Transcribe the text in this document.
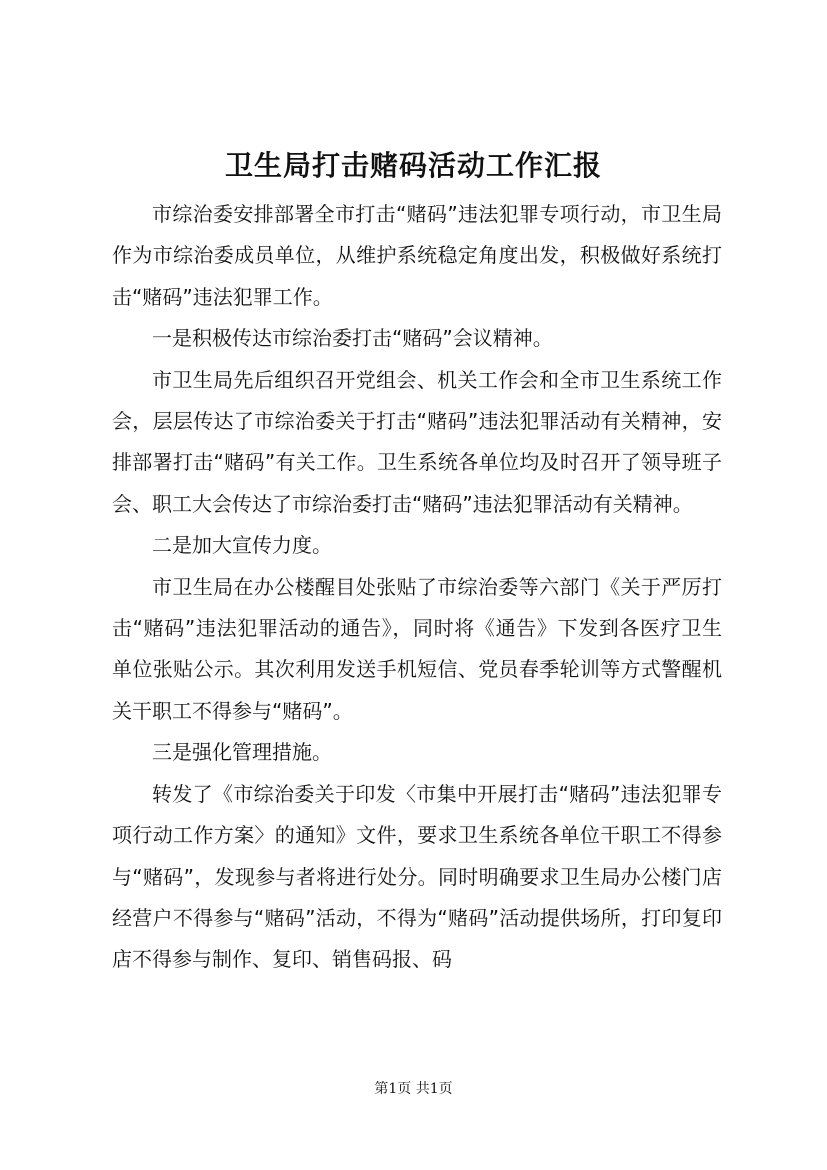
卫生局打击赌码活动工作汇报

市综治委安排部署全市打击“赌码”违法犯罪专项行动，市卫生局作为市综治委成员单位，从维护系统稳定角度出发，积极做好系统打击“赌码”违法犯罪工作。

一是积极传达市综治委打击“赌码”会议精神。

市卫生局先后组织召开党组会、机关工作会和全市卫生系统工作会，层层传达了市综治委关于打击“赌码”违法犯罪活动有关精神，安排部署打击“赌码”有关工作。卫生系统各单位均及时召开了领导班子会、职工大会传达了市综治委打击“赌码”违法犯罪活动有关精神。

二是加大宣传力度。

市卫生局在办公楼醒目处张贴了市综治委等六部门《关于严厉打击“赌码”违法犯罪活动的通告》，同时将《通告》下发到各医疗卫生单位张贴公示。其次利用发送手机短信、党员春季轮训等方式警醒机关干职工不得参与“赌码”。

三是强化管理措施。

转发了《市综治委关于印发〈市集中开展打击“赌码”违法犯罪专项行动工作方案〉的通知》文件，要求卫生系统各单位干职工不得参与“赌码”，发现参与者将进行处分。同时明确要求卫生局办公楼门店经营户不得参与“赌码”活动，不得为“赌码”活动提供场所，打印复印店不得参与制作、复印、销售码报、码

第1页 共1页
